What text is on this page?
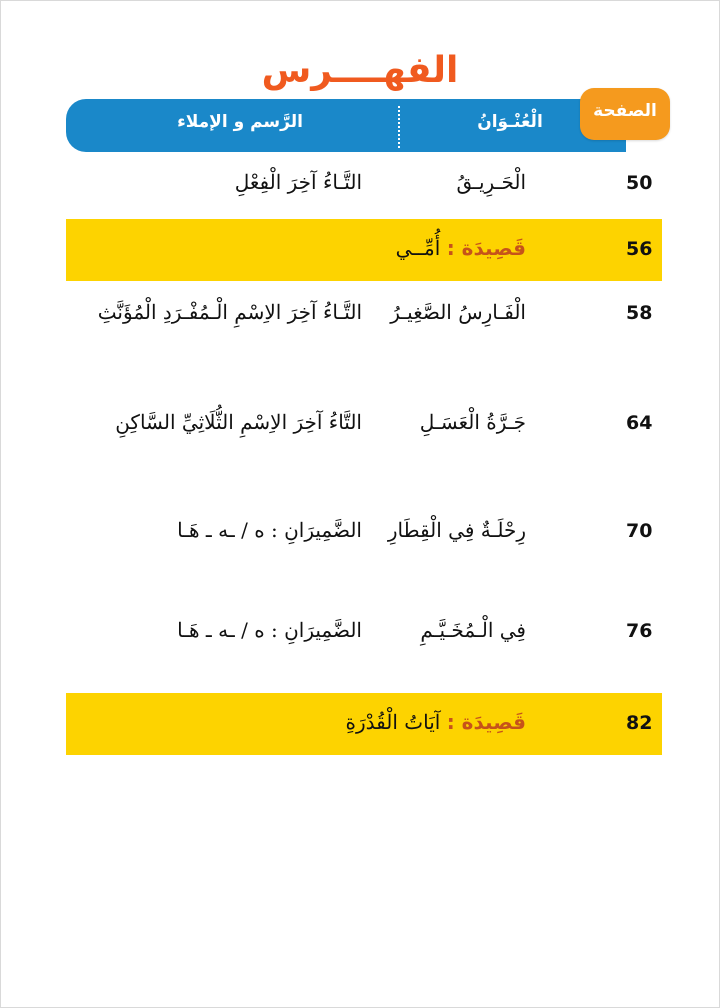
الفهــــرس
الْعُنْـوَانُ
الرَّسم و الإملاء
الصفحة
50
الْحَـرِيـقُ
التَّـاءُ آخِرَ الْفِعْلِ
56
قَصِيدَة : أُمِّــي
58
الْفَـارِسُ الصَّغِيـرُ
التَّـاءُ آخِرَ الاِسْمِ الْـمُفْـرَدِ الْمُؤَنَّثِ
64
جَـرَّةُ الْعَسَـلِ
التَّاءُ آخِرَ الاِسْمِ الثُّلَاثِيِّ السَّاكِنِ
70
رِحْلَـةٌ فِي الْقِطَارِ
الضَّمِيرَانِ : ه / ـه ـ هَـا
76
فِي الْـمُخَـيَّـمِ
الضَّمِيرَانِ : ه / ـه ـ هَـا
82
قَصِيدَة : آيَاتُ الْقُدْرَةِ
